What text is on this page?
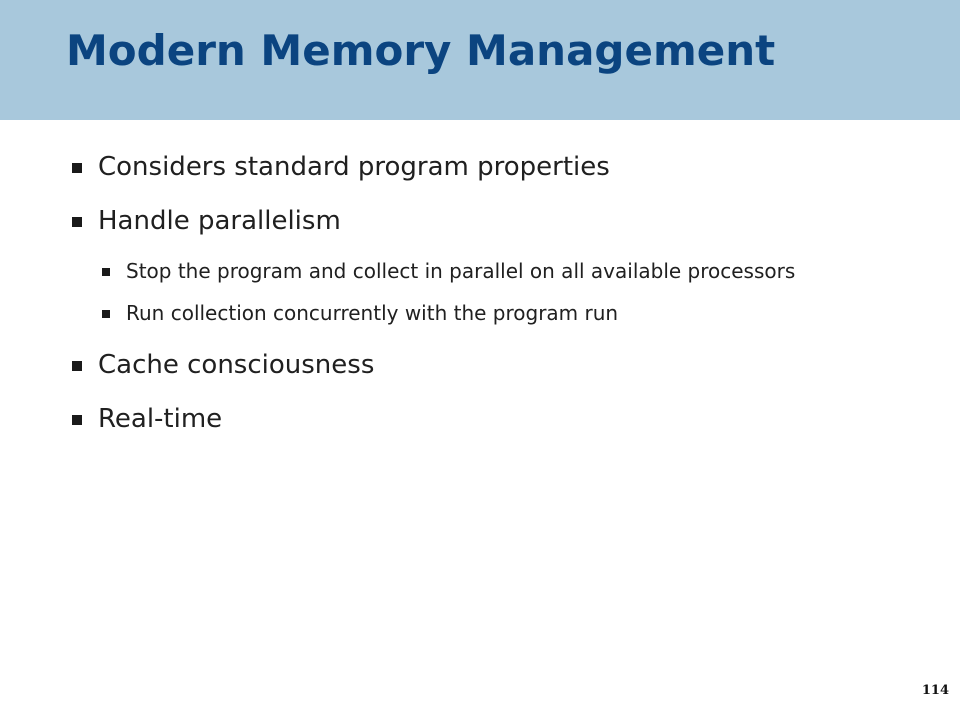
Modern Memory Management
Considers standard program properties
Handle parallelism
Stop the program and collect in parallel on all available processors
Run collection concurrently with the program run
Cache consciousness
Real-time
114
